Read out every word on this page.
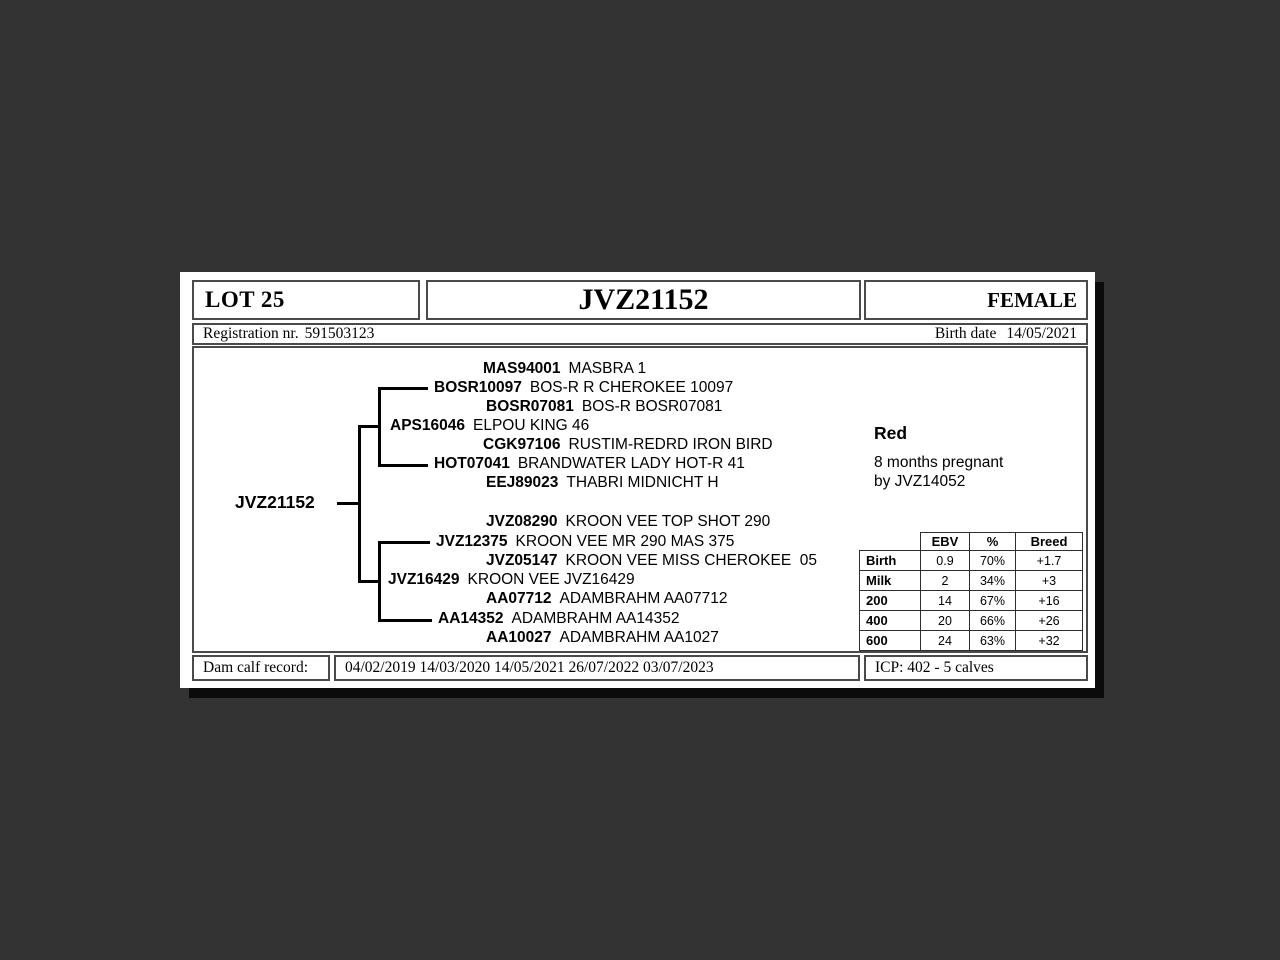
LOT 25	JVZ21152	FEMALE
Registration nr. 591503123	Birth date 14/05/2021
JVZ21152
MAS94001 MASBRA 1
BOSR10097 BOS-R R CHEROKEE 10097
BOSR07081 BOS-R BOSR07081
APS16046 ELPOU KING 46
CGK97106 RUSTIM-REDRD IRON BIRD
HOT07041 BRANDWATER LADY HOT-R 41
EEJ89023 THABRI MIDNICHT H
JVZ08290 KROON VEE TOP SHOT 290
JVZ12375 KROON VEE MR 290 MAS 375
JVZ05147 KROON VEE MISS CHEROKEE  05
JVZ16429 KROON VEE JVZ16429
AA07712 ADAMBRAHM AA07712
AA14352 ADAMBRAHM AA14352
AA10027 ADAMBRAHM AA1027
Red
8 months pregnant
by JVZ14052
	EBV	%	Breed
Birth	0.9	70%	+1.7
Milk	2	34%	+3
200	14	67%	+16
400	20	66%	+26
600	24	63%	+32
Dam calf record: 04/02/2019 14/03/2020 14/05/2021 26/07/2022 03/07/2023	ICP: 402 - 5 calves
